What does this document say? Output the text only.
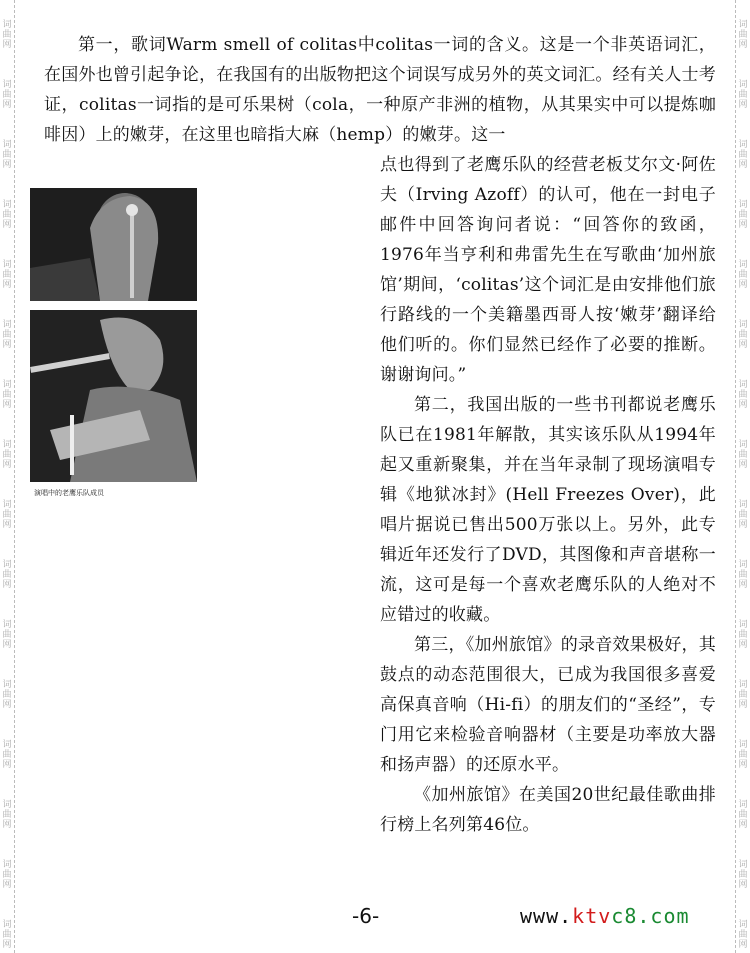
词
曲
网
词
曲
网
词
曲
网
词
曲
网
词
曲
网
词
曲
网
词
曲
网
词
曲
网
词
曲
网
词
曲
网
词
曲
网
词
曲
网
词
曲
网
词
曲
网
词
曲
网
词
曲
网
词
曲
网
词
曲
网
词
曲
网
词
曲
网
词
曲
网
词
曲
网
词
曲
网
词
曲
网
词
曲
网
词
曲
网
词
曲
网
词
曲
网
词
曲
网
词
曲
网
词
曲
网
词
曲
网

第一，歌词Warm smell of colitas中colitas一词的含义。这是一个非英语词汇，在国外也曾引起争论，在我国有的出版物把这个词误写成另外的英文词汇。经有关人士考证，colitas一词指的是可乐果树（cola，一种原产非洲的植物，从其果实中可以提炼咖啡因）上的嫩芽，在这里也暗指大麻（hemp）的嫩芽。这一

演唱中的老鹰乐队成员

点也得到了老鹰乐队的经营老板艾尔文·阿佐夫（Irving Azoff）的认可，他在一封电子邮件中回答询问者说：“回答你的致函，1976年当亨利和弗雷先生在写歌曲‘加州旅馆’期间，‘colitas’这个词汇是由安排他们旅行路线的一个美籍墨西哥人按‘嫩芽’翻译给他们听的。你们显然已经作了必要的推断。谢谢询问。”

第二，我国出版的一些书刊都说老鹰乐队已在1981年解散，其实该乐队从1994年起又重新聚集，并在当年录制了现场演唱专辑《地狱冰封》(Hell Freezes Over)，此唱片据说已售出500万张以上。另外，此专辑近年还发行了DVD，其图像和声音堪称一流，这可是每一个喜欢老鹰乐队的人绝对不应错过的收藏。

第三，《加州旅馆》的录音效果极好，其鼓点的动态范围很大，已成为我国很多喜爱高保真音响（Hi-fi）的朋友们的“圣经”，专门用它来检验音响器材（主要是功率放大器和扬声器）的还原水平。

《加州旅馆》在美国20世纪最佳歌曲排行榜上名列第46位。

-6-	www.ktvc8.com
